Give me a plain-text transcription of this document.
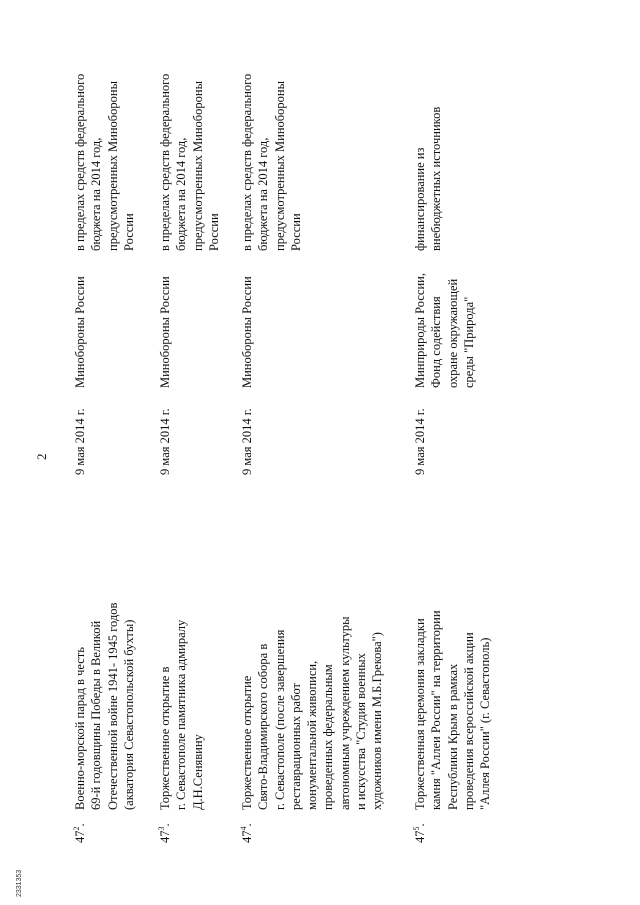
2331353
2
$47^2$.
Военно-морской парад в честь 69-й годовщины Победы в Великой Отечественной войне 1941- 1945 годов (акватория Севастопольской бухты)
9 мая 2014 г.
Минобороны России
в пределах средств федерального бюджета на 2014 год, предусмотренных Минобороны России
$47^3$.
Торжественное открытие в г. Севастополе памятника адмиралу Д.Н.Сенявину
9 мая 2014 г.
Минобороны России
в пределах средств федерального бюджета на 2014 год, предусмотренных Минобороны России
$47^4$.
Торжественное открытие Свято-Владимирского собора в г. Севастополе (после завершения реставрационных работ монументальной живописи, проведенных федеральным автономным учреждением культуры и искусства "Студия военных художников имени М.Б.Грекова")
9 мая 2014 г.
Минобороны России
в пределах средств федерального бюджета на 2014 год, предусмотренных Минобороны России
$47^5$.
Торжественная церемония закладки камня "Аллеи России" на территории Республики Крым в рамках проведения всероссийской акции "Аллея России" (г. Севастополь)
9 мая 2014 г.
Минприроды России, Фонд содействия охране окружающей среды "Природа"
финансирование из внебюджетных источников
